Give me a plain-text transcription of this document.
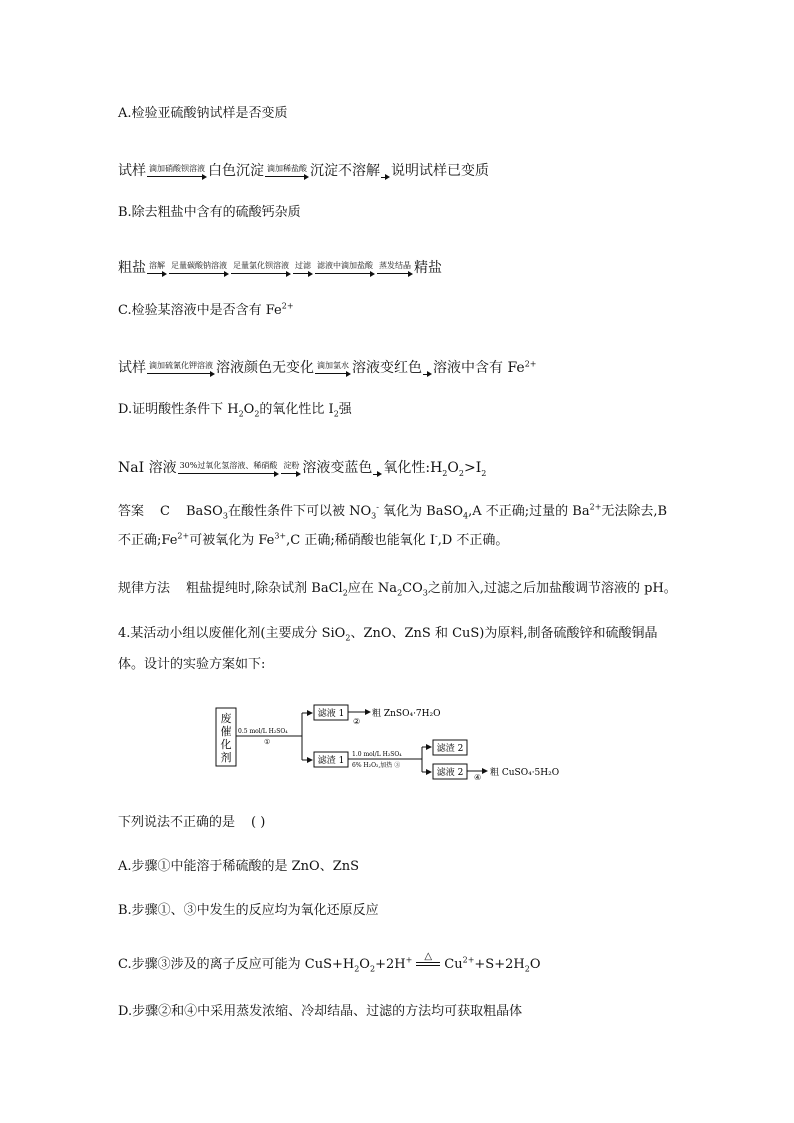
A.检验亚硫酸钠试样是否变质
试样 滴加硝酸钡溶液 白色沉淀 滴加稀盐酸 沉淀不溶解 说明试样已变质
B.除去粗盐中含有的硫酸钙杂质
粗盐 溶解 足量碳酸钠溶液 足量氯化钡溶液 过滤 滤液中滴加盐酸 蒸发结晶 精盐
C.检验某溶液中是否含有 $Fe^{2+}$
试样 滴加硫氰化钾溶液 溶液颜色无变化 滴加氯水 溶液变红色 溶液中含有 $Fe^{2+}$
D.证明酸性条件下 $H_2O_2$的氧化性比 $I_2$强
NaI 溶液 30%过氧化氢溶液、稀硝酸 淀粉 溶液变蓝色 氧化性$:H_2O_2>I_2$
答案 C BaSO$_3$在酸性条件下可以被 $NO_3^-$ 氧化为 BaSO$_4$,A 不正确;过量的 $Ba^{2+}$无法除去,B 不正确$;Fe^{2+}$可被氧化为 $Fe^{3+},C$ 正确;稀硝酸也能氧化 I-,D 不正确。
规律方法 粗盐提纯时,除杂试剂 BaCl$_2$应在 $Na_2CO_3$之前加入,过滤之后加盐酸调节溶液的 pH。
4.某活动小组以废催化剂(主要成分 SiO$_2$、ZnO、ZnS 和 CuS)为原料,制备硫酸锌和硫酸铜晶
体。设计的实验方案如下:
废
催
化
剂
0.5 mol/L H₂SO₄
①
滤液 1
②
粗 ZnSO₄·7H₂O
滤渣 1
1.0 mol/L H₂SO₄
6% H₂O₂,加热 ③
滤渣 2
滤液 2 ④ 粗 CuSO₄·5H₂O
下列说法不正确的是 ( )
A.步骤①中能溶于稀硫酸的是 ZnO、ZnS
B.步骤①、③中发生的反应均为氧化还原反应
C.步骤③涉及的离子反应可能为 $CuS+H_2O_2+2H^+$ △
$Cu^{2+}+S+2H_2O$
D.步骤②和④中采用蒸发浓缩、冷却结晶、过滤的方法均可获取粗晶体
